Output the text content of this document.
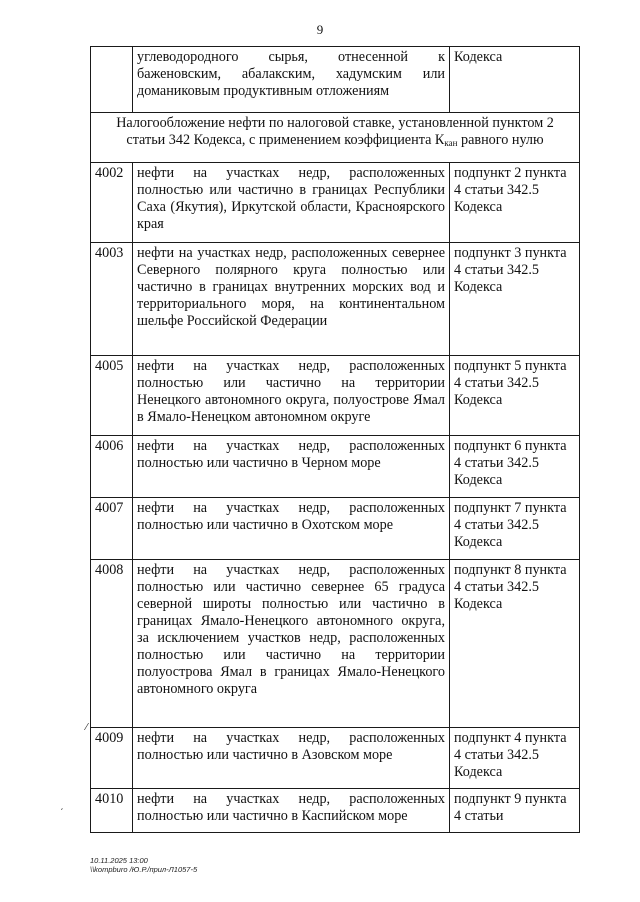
9
	углеводородного сырья, отнесенной к баженовским, абалакским, хадумским или доманиковым продуктивным отложениям	Кодекса
Налогообложение нефти по налоговой ставке, установленной пунктом 2 статьи 342 Кодекса, с применением коэффициента $К_{кан}$ равного нулю		
4002	нефти на участках недр, расположенных полностью или частично в границах Республики Саха (Якутия), Иркутской области, Красноярского края	подпункт 2 пункта 4 статьи 342.5 Кодекса
4003	нефти на участках недр, расположенных севернее Северного полярного круга полностью или частично в границах внутренних морских вод и территориального моря, на континентальном шельфе Российской Федерации	подпункт 3 пункта 4 статьи 342.5 Кодекса
4005	нефти на участках недр, расположенных полностью или частично на территории Ненецкого автономного округа, полуострове Ямал в Ямало-Ненецком автономном округе	подпункт 5 пункта 4 статьи 342.5 Кодекса
4006	нефти на участках недр, расположенных полностью или частично в Черном море	подпункт 6 пункта 4 статьи 342.5 Кодекса
4007	нефти на участках недр, расположенных полностью или частично в Охотском море	подпункт 7 пункта 4 статьи 342.5 Кодекса
4008	нефти на участках недр, расположенных полностью или частично севернее 65 градуса северной широты полностью или частично в границах Ямало-Ненецкого автономного округа, за исключением участков недр, расположенных полностью или частично на территории полуострова Ямал в границах Ямало-Ненецкого автономного округа	подпункт 8 пункта 4 статьи 342.5 Кодекса
4009	нефти на участках недр, расположенных полностью или частично в Азовском море	подпункт 4 пункта 4 статьи 342.5 Кодекса
4010	нефти на участках недр, расположенных полностью или частично в Каспийском море	подпункт 9 пункта 4 статьи
⁄
ˏ
10.11.2025 13:00
\\kompburo /Ю.Р./прил-Л1057-5
